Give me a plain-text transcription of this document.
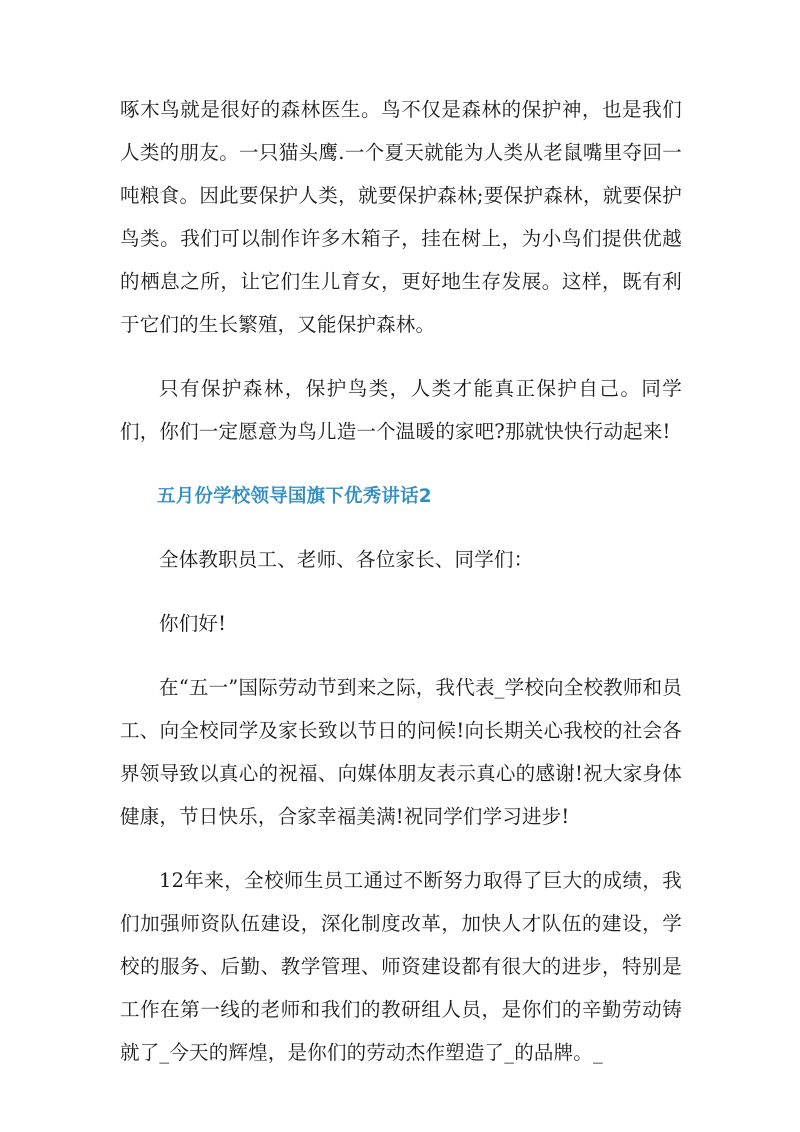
啄木鸟就是很好的森林医生。鸟不仅是森林的保护神，也是我们人类的朋友。一只猫头鹰.一个夏天就能为人类从老鼠嘴里夺回一吨粮食。因此要保护人类，就要保护森林;要保护森林，就要保护鸟类。我们可以制作许多木箱子，挂在树上，为小鸟们提供优越的栖息之所，让它们生儿育女，更好地生存发展。这样，既有利于它们的生长繁殖，又能保护森林。

只有保护森林，保护鸟类，人类才能真正保护自己。同学们，你们一定愿意为鸟儿造一个温暖的家吧?那就快快行动起来!

五月份学校领导国旗下优秀讲话2

全体教职员工、老师、各位家长、同学们：

你们好!

在“五一”国际劳动节到来之际，我代表_学校向全校教师和员工、向全校同学及家长致以节日的问候!向长期关心我校的社会各界领导致以真心的祝福、向媒体朋友表示真心的感谢!祝大家身体健康，节日快乐，合家幸福美满!祝同学们学习进步!

12年来，全校师生员工通过不断努力取得了巨大的成绩，我们加强师资队伍建设，深化制度改革，加快人才队伍的建设，学校的服务、后勤、教学管理、师资建设都有很大的进步，特别是工作在第一线的老师和我们的教研组人员，是你们的辛勤劳动铸就了_今天的辉煌，是你们的劳动杰作塑造了_的品牌。_
